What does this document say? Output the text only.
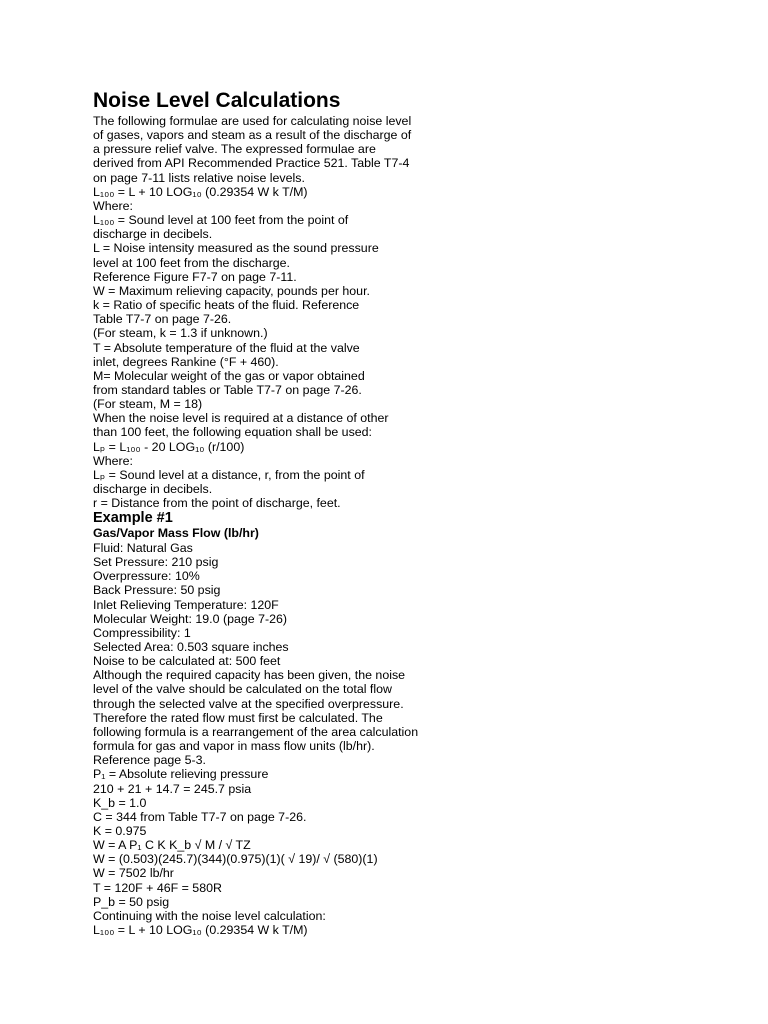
Noise Level Calculations
The following formulae are used for calculating noise level
of gases, vapors and steam as a result of the discharge of
a pressure relief valve. The expressed formulae are
derived from API Recommended Practice 521. Table T7-4
on page 7-11 lists relative noise levels.
L₁₀₀ = L + 10 LOG₁₀ (0.29354 W k T/M)
Where:
L₁₀₀ = Sound level at 100 feet from the point of
discharge in decibels.
L = Noise intensity measured as the sound pressure
level at 100 feet from the discharge.
Reference Figure F7-7 on page 7-11.
W = Maximum relieving capacity, pounds per hour.
k = Ratio of specific heats of the fluid. Reference
Table T7-7 on page 7-26.
(For steam, k = 1.3 if unknown.)
T = Absolute temperature of the fluid at the valve
inlet, degrees Rankine (°F + 460).
M= Molecular weight of the gas or vapor obtained
from standard tables or Table T7-7 on page 7-26.
(For steam, M = 18)
When the noise level is required at a distance of other
than 100 feet, the following equation shall be used:
Lₚ = L₁₀₀ - 20 LOG₁₀ (r/100)
Where:
Lₚ = Sound level at a distance, r, from the point of
discharge in decibels.
r = Distance from the point of discharge, feet.
Example #1
Gas/Vapor Mass Flow (lb/hr)
Fluid: Natural Gas
Set Pressure: 210 psig
Overpressure: 10%
Back Pressure: 50 psig
Inlet Relieving Temperature: 120F
Molecular Weight: 19.0 (page 7-26)
Compressibility: 1
Selected Area: 0.503 square inches
Noise to be calculated at: 500 feet
Although the required capacity has been given, the noise
level of the valve should be calculated on the total flow
through the selected valve at the specified overpressure.
Therefore the rated flow must first be calculated. The
following formula is a rearrangement of the area calculation
formula for gas and vapor in mass flow units (lb/hr).
Reference page 5-3.
P₁ = Absolute relieving pressure
210 + 21 + 14.7 = 245.7 psia
K_b = 1.0
C = 344 from Table T7-7 on page 7-26.
K = 0.975
W = A P₁ C K K_b √ M / √ TZ
W = (0.503)(245.7)(344)(0.975)(1)( √ 19)/ √ (580)(1)
W = 7502 lb/hr
T = 120F + 46F = 580R
P_b = 50 psig
Continuing with the noise level calculation:
L₁₀₀ = L + 10 LOG₁₀ (0.29354 W k T/M)
